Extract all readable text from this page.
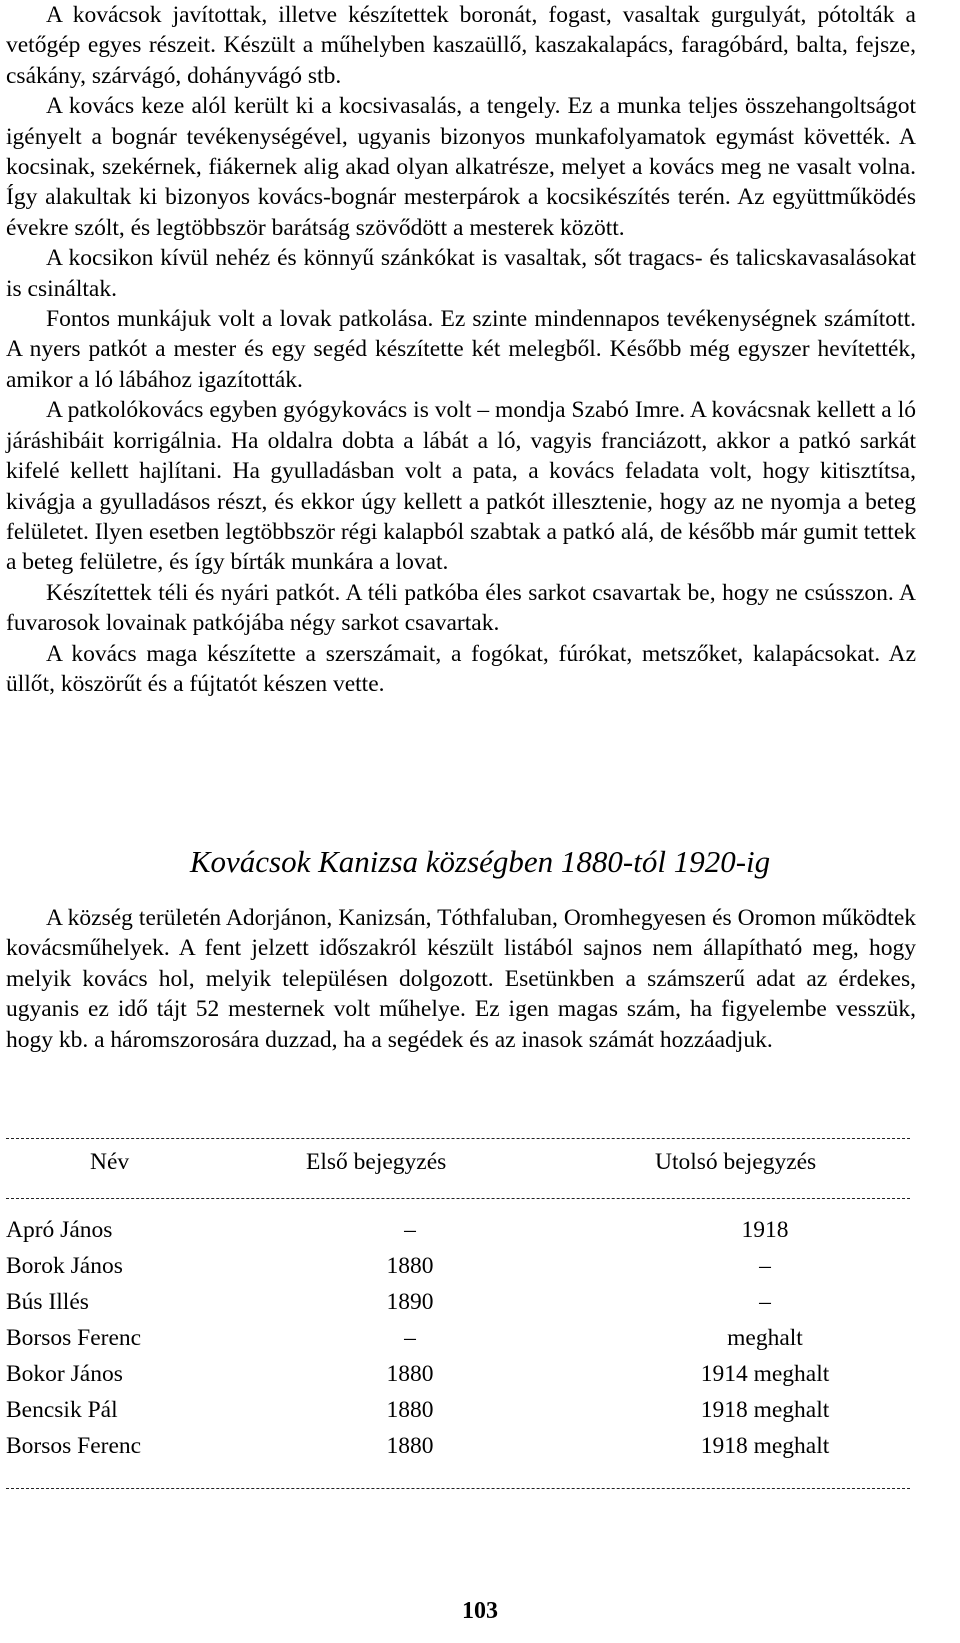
A kovácsok javítottak, illetve készítettek boronát, fogast, vasaltak gurgulyát, pótolták a vetőgép egyes részeit. Készült a műhelyben kaszaüllő, kaszakalapács, faragóbárd, balta, fejsze, csákány, szárvágó, dohányvágó stb.

A kovács keze alól került ki a kocsivasalás, a tengely. Ez a munka teljes összehangoltságot igényelt a bognár tevékenységével, ugyanis bizonyos munkafolyamatok egymást követték. A kocsinak, szekérnek, fiákernek alig akad olyan alkatrésze, melyet a kovács meg ne vasalt volna. Így alakultak ki bizonyos kovács-bognár mesterpárok a kocsikészítés terén. Az együttműködés évekre szólt, és legtöbbször barátság szövődött a mesterek között.

A kocsikon kívül nehéz és könnyű szánkókat is vasaltak, sőt tragacs- és talicskavasalásokat is csináltak.

Fontos munkájuk volt a lovak patkolása. Ez szinte mindennapos tevékenységnek számított. A nyers patkót a mester és egy segéd készítette két melegből. Később még egyszer hevítették, amikor a ló lábához igazították.

A patkolókovács egyben gyógykovács is volt – mondja Szabó Imre. A kovácsnak kellett a ló járáshibáit korrigálnia. Ha oldalra dobta a lábát a ló, vagyis franciázott, akkor a patkó sarkát kifelé kellett hajlítani. Ha gyulladásban volt a pata, a kovács feladata volt, hogy kitisztítsa, kivágja a gyulladásos részt, és ekkor úgy kellett a patkót illesztenie, hogy az ne nyomja a beteg felületet. Ilyen esetben legtöbbször régi kalapból szabtak a patkó alá, de később már gumit tettek a beteg felületre, és így bírták munkára a lovat.

Készítettek téli és nyári patkót. A téli patkóba éles sarkot csavartak be, hogy ne csússzon. A fuvarosok lovainak patkójába négy sarkot csavartak.

A kovács maga készítette a szerszámait, a fogókat, fúrókat, metszőket, kalapácsokat. Az üllőt, köszörűt és a fújtatót készen vette.

Kovácsok Kanizsa községben 1880-tól 1920-ig

A község területén Adorjánon, Kanizsán, Tóthfaluban, Oromhegyesen és Oromon működtek kovácsműhelyek. A fent jelzett időszakról készült listából sajnos nem állapítható meg, hogy melyik kovács hol, melyik településen dolgozott. Esetünkben a számszerű adat az érdekes, ugyanis ez idő tájt 52 mesternek volt műhelye. Ez igen magas szám, ha figyelembe vesszük, hogy kb. a háromszorosára duzzad, ha a segédek és az inasok számát hozzáadjuk.

Név	Első bejegyzés	Utolsó bejegyzés
Apró János	–	1918
Borok János	1880	–
Bús Illés	1890	–
Borsos Ferenc	–	meghalt
Bokor János	1880	1914 meghalt
Bencsik Pál	1880	1918 meghalt
Borsos Ferenc	1880	1918 meghalt
103
